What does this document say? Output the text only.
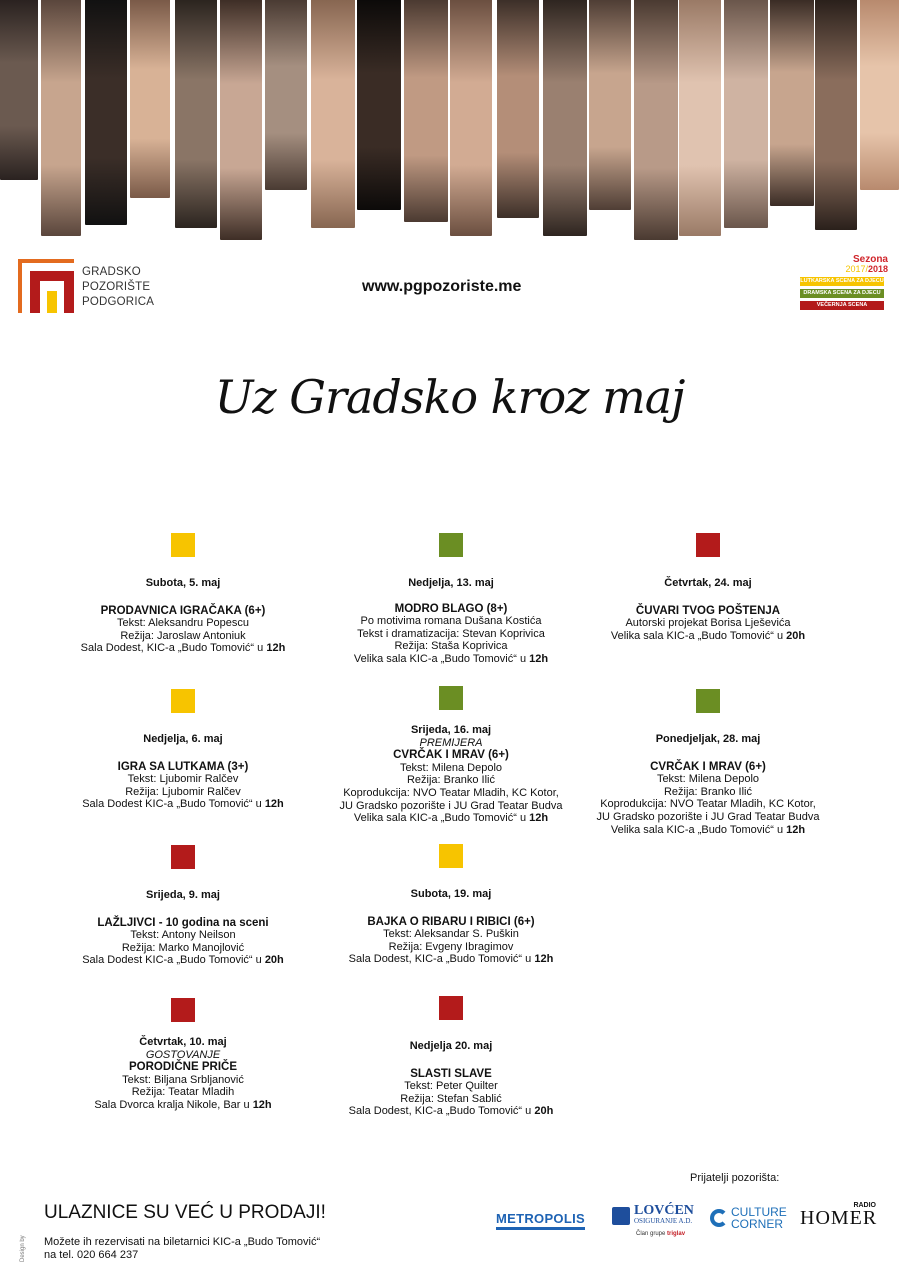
GRADSKO
POZORIŠTE
PODGORICA
www.pgpozoriste.me
Sezona
2017/2018
LUTKARSKA SCENA ZA DJECU
DRAMSKA SCENA ZA DJECU
VEČERNJA SCENA
Uz Gradsko kroz maj
Subota, 5. maj
PRODAVNICA IGRAČAKA (6+)
Tekst: Aleksandru Popescu
Režija: Jaroslaw Antoniuk
Sala Dodest, KIC-a „Budo Tomović“ u 12h
Nedjelja, 13. maj
MODRO BLAGO (8+)
Po motivima romana Dušana Kostića
Tekst i dramatizacija: Stevan Koprivica
Režija: Staša Koprivica
Velika sala KIC-a „Budo Tomović“ u 12h
Četvrtak, 24. maj
ČUVARI TVOG POŠTENJA
Autorski projekat Borisa Lješevića
Velika sala KIC-a „Budo Tomović“ u 20h
Nedjelja, 6. maj
IGRA SA LUTKAMA (3+)
Tekst: Ljubomir Ralčev
Režija: Ljubomir Ralčev
Sala Dodest KIC-a „Budo Tomović“ u 12h
Srijeda, 16. maj
PREMIJERA
CVRČAK I MRAV (6+)
Tekst: Milena Depolo
Režija: Branko Ilić
Koprodukcija: NVO Teatar Mladih, KC Kotor,
JU Gradsko pozorište i JU Grad Teatar Budva
Velika sala KIC-a „Budo Tomović“ u 12h
Ponedjeljak, 28. maj
CVRČAK I MRAV (6+)
Tekst: Milena Depolo
Režija: Branko Ilić
Koprodukcija: NVO Teatar Mladih, KC Kotor,
JU Gradsko pozorište i JU Grad Teatar Budva
Velika sala KIC-a „Budo Tomović“ u 12h
Srijeda, 9. maj
LAŽLJIVCI - 10 godina na sceni
Tekst: Antony Neilson
Režija: Marko Manojlović
Sala Dodest KIC-a „Budo Tomović“ u 20h
Subota, 19. maj
BAJKA O RIBARU I RIBICI (6+)
Tekst: Aleksandar S. Puškin
Režija: Evgeny Ibragimov
Sala Dodest, KIC-a „Budo Tomović“ u 12h
Četvrtak, 10. maj
GOSTOVANJE
PORODIČNE PRIČE
Tekst: Biljana Srbljanović
Režija: Teatar Mladih
Sala Dvorca kralja Nikole, Bar u 12h
Nedjelja 20. maj
SLASTI SLAVE
Tekst: Peter Quilter
Režija: Stefan Sablić
Sala Dodest, KIC-a „Budo Tomović“ u 20h
Design by
ULAZNICE SU VEĆ U PRODAJI!
Možete ih rezervisati na biletarnici KIC-a „Budo Tomović“
na tel. 020 664 237
Prijatelji pozorišta:
METROPOLIS
LOVĆEN
OSIGURANJE A.D.
Član grupe triglav
CULTURE
CORNER
RADIO
HOMER
